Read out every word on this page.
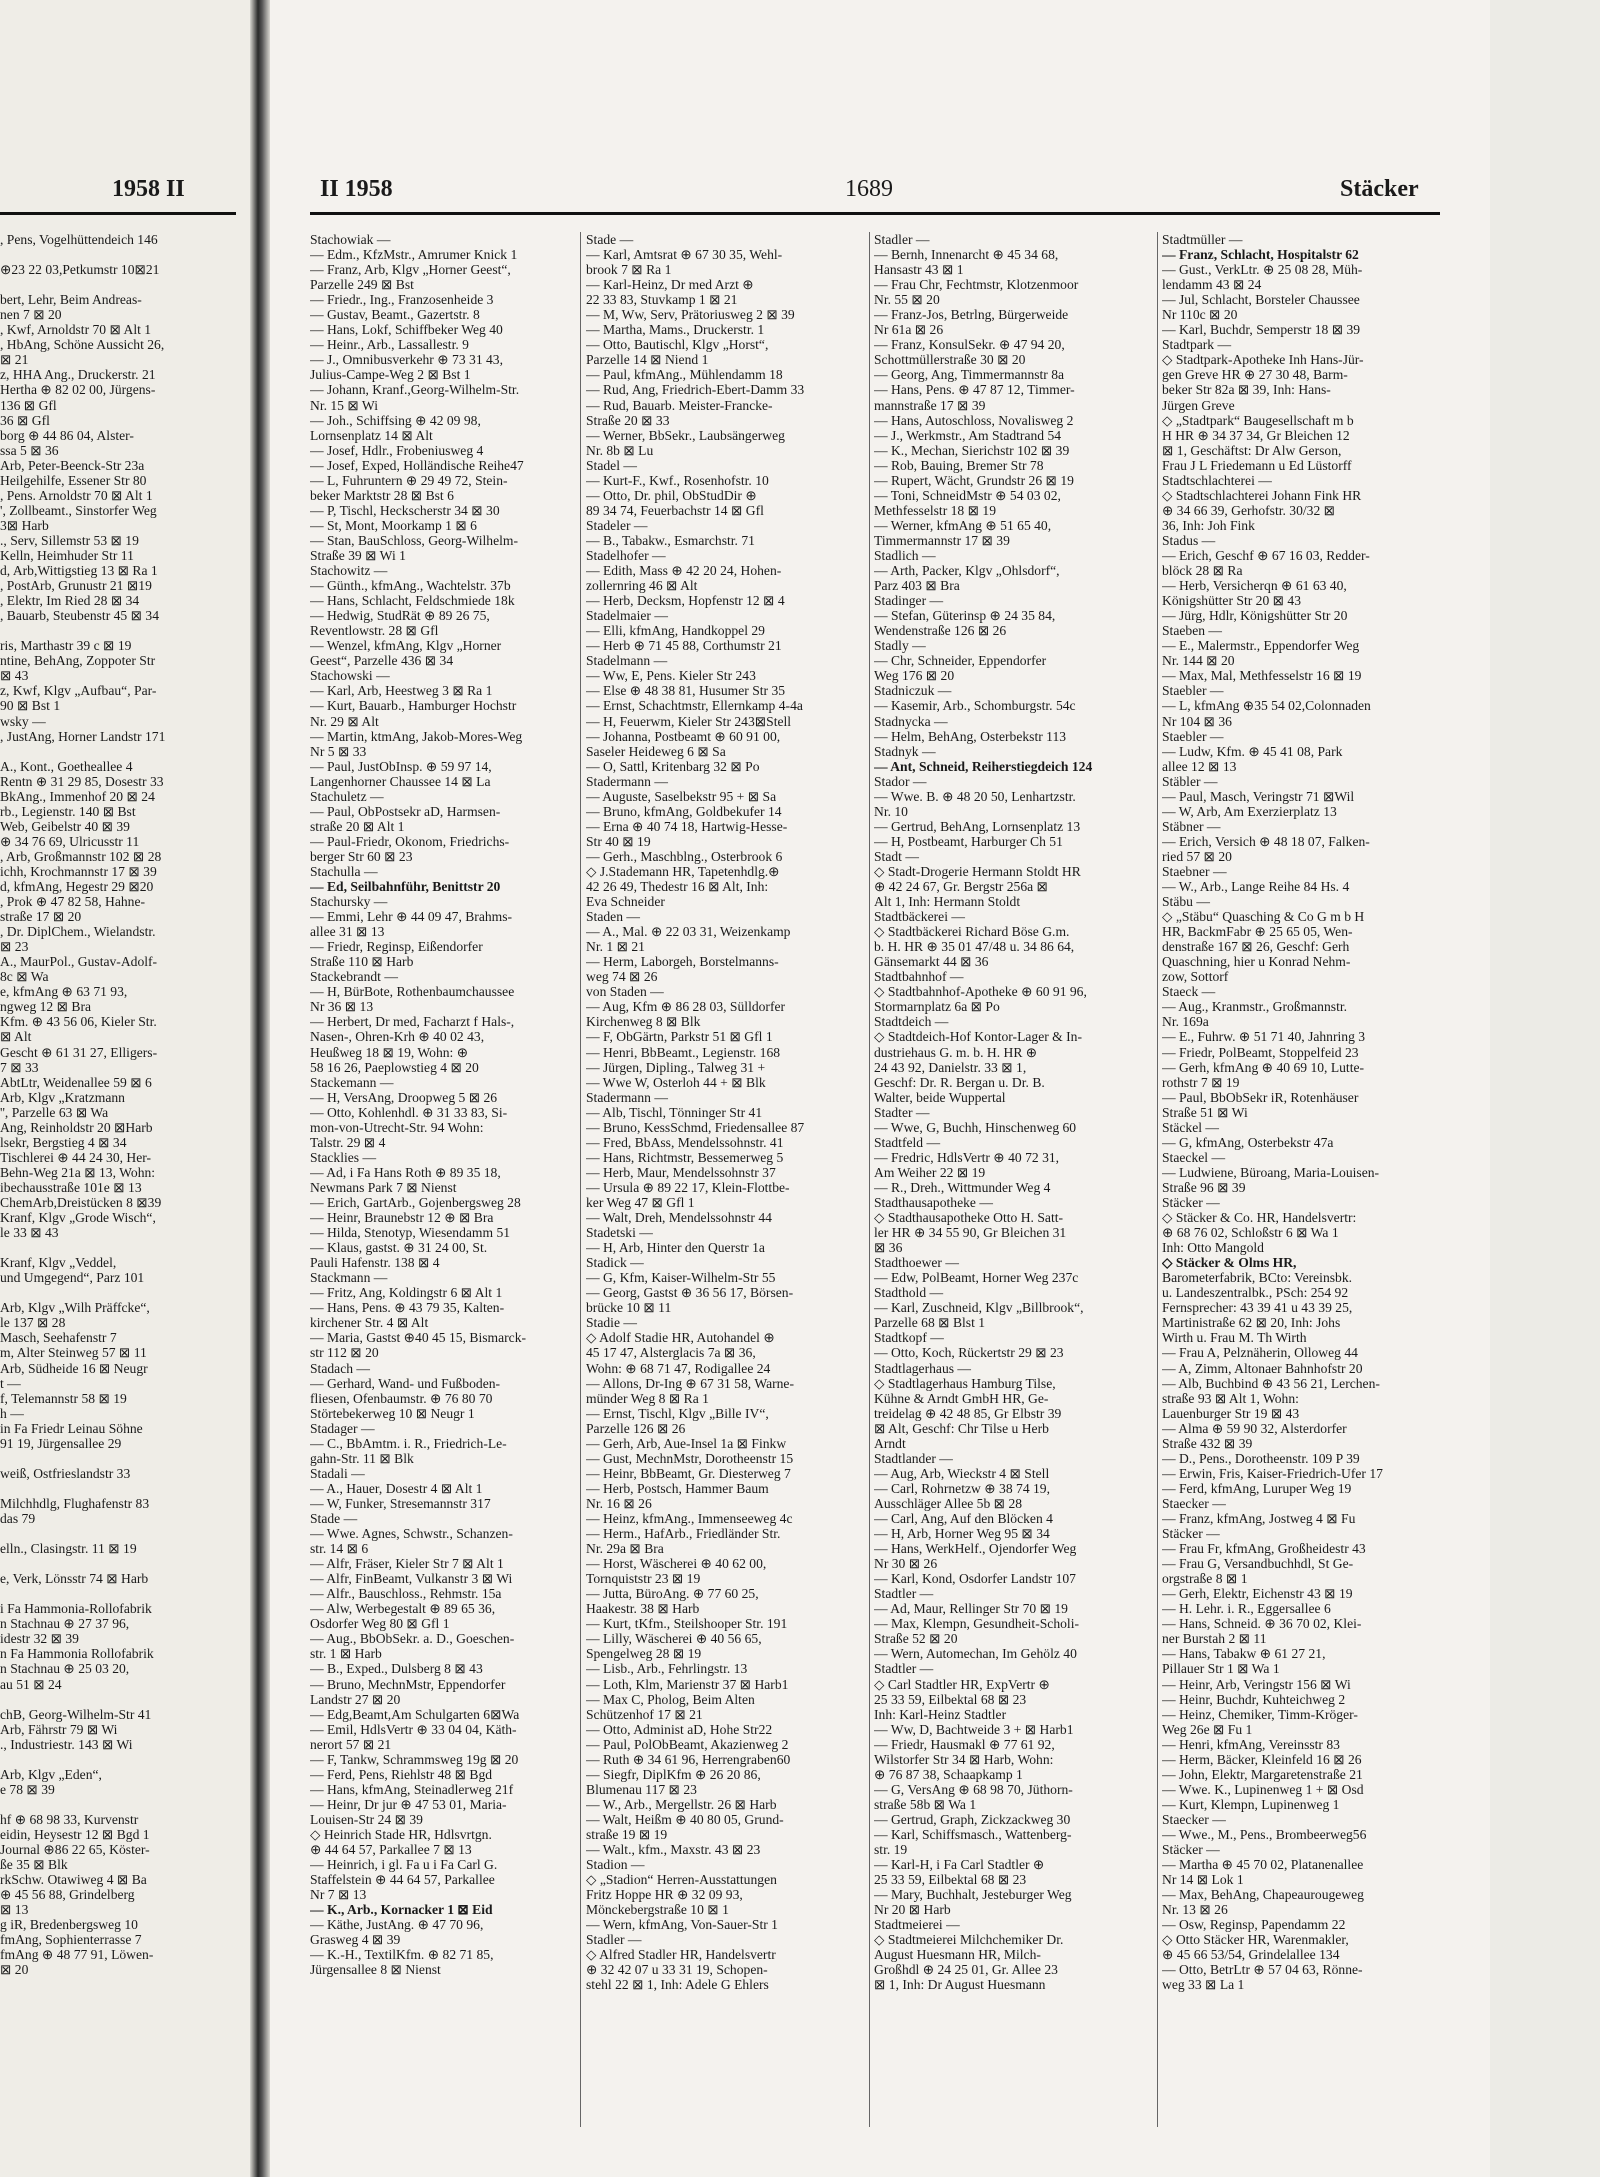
1958 II
, Pens, Vogelhüttendeich 146

⊕23 22 03,Petkumstr 10⊠21

bert, Lehr, Beim Andreas-
nen 7 ⊠ 20
, Kwf, Arnoldstr 70 ⊠ Alt 1
, HbAng, Schöne Aussicht 26,
⊠ 21
z, HHA Ang., Druckerstr. 21
Hertha ⊕ 82 02 00, Jürgens-
136 ⊠ Gfl
36 ⊠ Gfl
borg ⊕ 44 86 04, Alster-
ssa 5 ⊠ 36
Arb, Peter-Beenck-Str 23a
Heilgehilfe, Essener Str 80
, Pens. Arnoldstr 70 ⊠ Alt 1
', Zollbeamt., Sinstorfer Weg
3⊠ Harb
., Serv, Sillemstr 53 ⊠ 19
Kelln, Heimhuder Str 11
d, Arb,Wittigstieg 13 ⊠ Ra 1
, PostArb, Grunustr 21 ⊠19
, Elektr, Im Ried 28 ⊠ 34
, Bauarb, Steubenstr 45 ⊠ 34

ris, Marthastr 39 c ⊠ 19
ntine, BehAng, Zoppoter Str
⊠ 43
z, Kwf, Klgv „Aufbau“, Par-
90 ⊠ Bst 1
wsky —
, JustAng, Horner Landstr 171

A., Kont., Goetheallee 4
Rentn ⊕ 31 29 85, Dosestr 33
BkAng., Immenhof 20 ⊠ 24
rb., Legienstr. 140 ⊠ Bst
Web, Geibelstr 40 ⊠ 39
⊕ 34 76 69, Ulricusstr 11
, Arb, Großmannstr 102 ⊠ 28
ichh, Krochmannstr 17 ⊠ 39
d, kfmAng, Hegestr 29 ⊠20
, Prok ⊕ 47 82 58, Hahne-
straße 17 ⊠ 20
, Dr. DiplChem., Wielandstr.
⊠ 23
A., MaurPol., Gustav-Adolf-
8c ⊠ Wa
e, kfmAng ⊕ 63 71 93,
ngweg 12 ⊠ Bra
Kfm. ⊕ 43 56 06, Kieler Str.
⊠ Alt
Gescht ⊕ 61 31 27, Elligers-
7 ⊠ 33
AbtLtr, Weidenallee 59 ⊠ 6
Arb, Klgv „Kratzmann
'', Parzelle 63 ⊠ Wa
Ang, Reinholdstr 20 ⊠Harb
lsekr, Bergstieg 4 ⊠ 34
Tischlerei ⊕ 44 24 30, Her-
Behn-Weg 21a ⊠ 13, Wohn:
ibechausstraße 101e ⊠ 13
ChemArb,Dreistücken 8 ⊠39
Kranf, Klgv „Grode Wisch“,
le 33 ⊠ 43

Kranf, Klgv „Veddel,
und Umgegend“, Parz 101

Arb, Klgv „Wilh Präffcke“,
le 137 ⊠ 28
Masch, Seehafenstr 7
m, Alter Steinweg 57 ⊠ 11
Arb, Südheide 16 ⊠ Neugr
t —
f, Telemannstr 58 ⊠ 19
h —
in Fa Friedr Leinau Söhne
91 19, Jürgensallee 29

weiß, Ostfrieslandstr 33

Milchhdlg, Flughafenstr 83
das 79

elln., Clasingstr. 11 ⊠ 19

e, Verk, Lönsstr 74 ⊠ Harb

i Fa Hammonia-Rollofabrik
n Stachnau ⊕ 27 37 96,
idestr 32 ⊠ 39
n Fa Hammonia Rollofabrik
n Stachnau ⊕ 25 03 20,
au 51 ⊠ 24

chB, Georg-Wilhelm-Str 41
Arb, Fährstr 79 ⊠ Wi
., Industriestr. 143 ⊠ Wi

Arb, Klgv „Eden“,
e 78 ⊠ 39

hf ⊕ 68 98 33, Kurvenstr
eidin, Heysestr 12 ⊠ Bgd 1
Journal ⊕86 22 65, Köster-
ße 35 ⊠ Blk
rkSchw. Otawiweg 4 ⊠ Ba
⊕ 45 56 88, Grindelberg
⊠ 13
g iR, Bredenbergsweg 10
fmAng, Sophienterrasse 7
fmAng ⊕ 48 77 91, Löwen-
⊠ 20
II 1958	1689	Stäcker
Stachowiak —
— Edm., KfzMstr., Amrumer Knick 1
— Franz, Arb, Klgv „Horner Geest“,
Parzelle 249 ⊠ Bst
— Friedr., Ing., Franzosenheide 3
— Gustav, Beamt., Gazertstr. 8
— Hans, Lokf, Schiffbeker Weg 40
— Heinr., Arb., Lassallestr. 9
— J., Omnibusverkehr ⊕ 73 31 43,
Julius-Campe-Weg 2 ⊠ Bst 1
— Johann, Kranf.,Georg-Wilhelm-Str.
Nr. 15 ⊠ Wi
— Joh., Schiffsing ⊕ 42 09 98,
Lornsenplatz 14 ⊠ Alt
— Josef, Hdlr., Frobeniusweg 4
— Josef, Exped, Holländische Reihe47
— L, Fuhruntern ⊕ 29 49 72, Stein-
beker Marktstr 28 ⊠ Bst 6
— P, Tischl, Heckscherstr 34 ⊠ 30
— St, Mont, Moorkamp 1 ⊠ 6
— Stan, BauSchloss, Georg-Wilhelm-
Straße 39 ⊠ Wi 1
Stachowitz —
— Günth., kfmAng., Wachtelstr. 37b
— Hans, Schlacht, Feldschmiede 18k
— Hedwig, StudRät ⊕ 89 26 75,
Reventlowstr. 28 ⊠ Gfl
— Wenzel, kfmAng, Klgv „Horner
Geest“, Parzelle 436 ⊠ 34
Stachowski —
— Karl, Arb, Heestweg 3 ⊠ Ra 1
— Kurt, Bauarb., Hamburger Hochstr
Nr. 29 ⊠ Alt
— Martin, ktmAng, Jakob-Mores-Weg
Nr 5 ⊠ 33
— Paul, JustObInsp. ⊕ 59 97 14,
Langenhorner Chaussee 14 ⊠ La
Stachuletz —
— Paul, ObPostsekr aD, Harmsen-
straße 20 ⊠ Alt 1
— Paul-Friedr, Okonom, Friedrichs-
berger Str 60 ⊠ 23
Stachulla —
— Ed, Seilbahnführ, Benittstr 20
Stachursky —
— Emmi, Lehr ⊕ 44 09 47, Brahms-
allee 31 ⊠ 13
— Friedr, Reginsp, Eißendorfer
Straße 110 ⊠ Harb
Stackebrandt —
— H, BürBote, Rothenbaumchaussee
Nr 36 ⊠ 13
— Herbert, Dr med, Facharzt f Hals-,
Nasen-, Ohren-Krh ⊕ 40 02 43,
Heußweg 18 ⊠ 19, Wohn: ⊕
58 16 26, Paeplowstieg 4 ⊠ 20
Stackemann —
— H, VersAng, Droopweg 5 ⊠ 26
— Otto, Kohlenhdl. ⊕ 31 33 83, Si-
mon-von-Utrecht-Str. 94 Wohn:
Talstr. 29 ⊠ 4
Stacklies —
— Ad, i Fa Hans Roth ⊕ 89 35 18,
Newmans Park 7 ⊠ Nienst
— Erich, GartArb., Gojenbergsweg 28
— Heinr, Braunebstr 12 ⊕ ⊠ Bra
— Hilda, Stenotyp, Wiesendamm 51
— Klaus, gastst. ⊕ 31 24 00, St.
Pauli Hafenstr. 138 ⊠ 4
Stackmann —
— Fritz, Ang, Koldingstr 6 ⊠ Alt 1
— Hans, Pens. ⊕ 43 79 35, Kalten-
kirchener Str. 4 ⊠ Alt
— Maria, Gastst ⊕40 45 15, Bismarck-
str 112 ⊠ 20
Stadach —
— Gerhard, Wand- und Fußboden-
fliesen, Ofenbaumstr. ⊕ 76 80 70
Störtebekerweg 10 ⊠ Neugr 1
Stadager —
— C., BbAmtm. i. R., Friedrich-Le-
gahn-Str. 11 ⊠ Blk
Stadali —
— A., Hauer, Dosestr 4 ⊠ Alt 1
— W, Funker, Stresemannstr 317
Stade —
— Wwe. Agnes, Schwstr., Schanzen-
str. 14 ⊠ 6
— Alfr, Fräser, Kieler Str 7 ⊠ Alt 1
— Alfr, FinBeamt, Vulkanstr 3 ⊠ Wi
— Alfr., Bauschloss., Rehmstr. 15a
— Alw, Werbegestalt ⊕ 89 65 36,
Osdorfer Weg 80 ⊠ Gfl 1
— Aug., BbObSekr. a. D., Goeschen-
str. 1 ⊠ Harb
— B., Exped., Dulsberg 8 ⊠ 43
— Bruno, MechnMstr, Eppendorfer
Landstr 27 ⊠ 20
— Edg,Beamt,Am Schulgarten 6⊠Wa
— Emil, HdlsVertr ⊕ 33 04 04, Käth-
nerort 57 ⊠ 21
— F, Tankw, Schrammsweg 19g ⊠ 20
— Ferd, Pens, Riehlstr 48 ⊠ Bgd
— Hans, kfmAng, Steinadlerweg 21f
— Heinr, Dr jur ⊕ 47 53 01, Maria-
Louisen-Str 24 ⊠ 39
◇ Heinrich Stade HR, Hdlsvrtgn.
⊕ 44 64 57, Parkallee 7 ⊠ 13
— Heinrich, i gl. Fa u i Fa Carl G.
Staffelstein ⊕ 44 64 57, Parkallee
Nr 7 ⊠ 13
— K., Arb., Kornacker 1 ⊠ Eid
— Käthe, JustAng. ⊕ 47 70 96,
Grasweg 4 ⊠ 39
— K.-H., TextilKfm. ⊕ 82 71 85,
Jürgensallee 8 ⊠ Nienst
Stade —
— Karl, Amtsrat ⊕ 67 30 35, Wehl-
brook 7 ⊠ Ra 1
— Karl-Heinz, Dr med Arzt ⊕
22 33 83, Stuvkamp 1 ⊠ 21
— M, Ww, Serv, Prätoriusweg 2 ⊠ 39
— Martha, Mams., Druckerstr. 1
— Otto, Bautischl, Klgv „Horst“,
Parzelle 14 ⊠ Niend 1
— Paul, kfmAng., Mühlendamm 18
— Rud, Ang, Friedrich-Ebert-Damm 33
— Rud, Bauarb. Meister-Francke-
Straße 20 ⊠ 33
— Werner, BbSekr., Laubsängerweg
Nr. 8b ⊠ Lu
Stadel —
— Kurt-F., Kwf., Rosenhofstr. 10
— Otto, Dr. phil, ObStudDir ⊕
89 34 74, Feuerbachstr 14 ⊠ Gfl
Stadeler —
— B., Tabakw., Esmarchstr. 71
Stadelhofer —
— Edith, Mass ⊕ 42 20 24, Hohen-
zollernring 46 ⊠ Alt
— Herb, Decksm, Hopfenstr 12 ⊠ 4
Stadelmaier —
— Elli, kfmAng, Handkoppel 29
— Herb ⊕ 71 45 88, Corthumstr 21
Stadelmann —
— Ww, E, Pens. Kieler Str 243
— Else ⊕ 48 38 81, Husumer Str 35
— Ernst, Schachtmstr, Ellernkamp 4-4a
— H, Feuerwm, Kieler Str 243⊠Stell
— Johanna, Postbeamt ⊕ 60 91 00,
Saseler Heideweg 6 ⊠ Sa
— O, Sattl, Kritenbarg 32 ⊠ Po
Stadermann —
— Auguste, Saselbekstr 95 + ⊠ Sa
— Bruno, kfmAng, Goldbekufer 14
— Erna ⊕ 40 74 18, Hartwig-Hesse-
Str 40 ⊠ 19
— Gerh., Maschblng., Osterbrook 6
◇ J.Stademann HR, Tapetenhdlg.⊕
42 26 49, Thedestr 16 ⊠ Alt, Inh:
Eva Schneider
Staden —
— A., Mal. ⊕ 22 03 31, Weizenkamp
Nr. 1 ⊠ 21
— Herm, Laborgeh, Borstelmanns-
weg 74 ⊠ 26
von Staden —
— Aug, Kfm ⊕ 86 28 03, Sülldorfer
Kirchenweg 8 ⊠ Blk
— F, ObGärtn, Parkstr 51 ⊠ Gfl 1
— Henri, BbBeamt., Legienstr. 168
— Jürgen, Dipling., Talweg 31 +
— Wwe W, Osterloh 44 + ⊠ Blk
Stadermann —
— Alb, Tischl, Tönninger Str 41
— Bruno, KessSchmd, Friedensallee 87
— Fred, BbAss, Mendelssohnstr. 41
— Hans, Richtmstr, Bessemerweg 5
— Herb, Maur, Mendelssohnstr 37
— Ursula ⊕ 89 22 17, Klein-Flottbe-
ker Weg 47 ⊠ Gfl 1
— Walt, Dreh, Mendelssohnstr 44
Stadetski —
— H, Arb, Hinter den Querstr 1a
Stadick —
— G, Kfm, Kaiser-Wilhelm-Str 55
— Georg, Gastst ⊕ 36 56 17, Börsen-
brücke 10 ⊠ 11
Stadie —
◇ Adolf Stadie HR, Autohandel ⊕
45 17 47, Alsterglacis 7a ⊠ 36,
Wohn: ⊕ 68 71 47, Rodigallee 24
— Allons, Dr-Ing ⊕ 67 31 58, Warne-
münder Weg 8 ⊠ Ra 1
— Ernst, Tischl, Klgv „Bille IV“,
Parzelle 126 ⊠ 26
— Gerh, Arb, Aue-Insel 1a ⊠ Finkw
— Gust, MechnMstr, Dorotheenstr 15
— Heinr, BbBeamt, Gr. Diesterweg 7
— Herb, Postsch, Hammer Baum
Nr. 16 ⊠ 26
— Heinz, kfmAng., Immenseeweg 4c
— Herm., HafArb., Friedländer Str.
Nr. 29a ⊠ Bra
— Horst, Wäscherei ⊕ 40 62 00,
Tornquiststr 23 ⊠ 19
— Jutta, BüroAng. ⊕ 77 60 25,
Haakestr. 38 ⊠ Harb
— Kurt, tKfm., Steilshooper Str. 191
— Lilly, Wäscherei ⊕ 40 56 65,
Spengelweg 28 ⊠ 19
— Lisb., Arb., Fehrlingstr. 13
— Loth, Klm, Marienstr 37 ⊠ Harb1
— Max C, Pholog, Beim Alten
Schützenhof 17 ⊠ 21
— Otto, Administ aD, Hohe Str22
— Paul, PolObBeamt, Akazienweg 2
— Ruth ⊕ 34 61 96, Herrengraben60
— Siegfr, DiplKfm ⊕ 26 20 86,
Blumenau 117 ⊠ 23
— W., Arb., Mergellstr. 26 ⊠ Harb
— Walt, Heißm ⊕ 40 80 05, Grund-
straße 19 ⊠ 19
— Walt., kfm., Maxstr. 43 ⊠ 23
Stadion —
◇ „Stadion“ Herren-Ausstattungen
Fritz Hoppe HR ⊕ 32 09 93,
Mönckebergstraße 10 ⊠ 1
— Wern, kfmAng, Von-Sauer-Str 1
Stadler —
◇ Alfred Stadler HR, Handelsvertr
⊕ 32 42 07 u 33 31 19, Schopen-
stehl 22 ⊠ 1, Inh: Adele G Ehlers
Stadler —
— Bernh, Innenarcht ⊕ 45 34 68,
Hansastr 43 ⊠ 1
— Frau Chr, Fechtmstr, Klotzenmoor
Nr. 55 ⊠ 20
— Franz-Jos, Betrlng, Bürgerweide
Nr 61a ⊠ 26
— Franz, KonsulSekr. ⊕ 47 94 20,
Schottmüllerstraße 30 ⊠ 20
— Georg, Ang, Timmermannstr 8a
— Hans, Pens. ⊕ 47 87 12, Timmer-
mannstraße 17 ⊠ 39
— Hans, Autoschloss, Novalisweg 2
— J., Werkmstr., Am Stadtrand 54
— K., Mechan, Sierichstr 102 ⊠ 39
— Rob, Bauing, Bremer Str 78
— Rupert, Wächt, Grundstr 26 ⊠ 19
— Toni, SchneidMstr ⊕ 54 03 02,
Methfesselstr 18 ⊠ 19
— Werner, kfmAng ⊕ 51 65 40,
Timmermannstr 17 ⊠ 39
Stadlich —
— Arth, Packer, Klgv „Ohlsdorf“,
Parz 403 ⊠ Bra
Stadinger —
— Stefan, Güterinsp ⊕ 24 35 84,
Wendenstraße 126 ⊠ 26
Stadly —
— Chr, Schneider, Eppendorfer
Weg 176 ⊠ 20
Stadniczuk —
— Kasemir, Arb., Schomburgstr. 54c
Stadnycka —
— Helm, BehAng, Osterbekstr 113
Stadnyk —
— Ant, Schneid, Reiherstiegdeich 124
Stador —
— Wwe. B. ⊕ 48 20 50, Lenhartzstr.
Nr. 10
— Gertrud, BehAng, Lornsenplatz 13
— H, Postbeamt, Harburger Ch 51
Stadt —
◇ Stadt-Drogerie Hermann Stoldt HR
⊕ 42 24 67, Gr. Bergstr 256a ⊠
Alt 1, Inh: Hermann Stoldt
Stadtbäckerei —
◇ Stadtbäckerei Richard Böse G.m.
b. H. HR ⊕ 35 01 47/48 u. 34 86 64,
Gänsemarkt 44 ⊠ 36
Stadtbahnhof —
◇ Stadtbahnhof-Apotheke ⊕ 60 91 96,
Stormarnplatz 6a ⊠ Po
Stadtdeich —
◇ Stadtdeich-Hof Kontor-Lager & In-
dustriehaus G. m. b. H. HR ⊕
24 43 92, Danielstr. 33 ⊠ 1,
Geschf: Dr. R. Bergan u. Dr. B.
Walter, beide Wuppertal
Stadter —
— Wwe, G, Buchh, Hinschenweg 60
Stadtfeld —
— Fredric, HdlsVertr ⊕ 40 72 31,
Am Weiher 22 ⊠ 19
— R., Dreh., Wittmunder Weg 4
Stadthausapotheke —
◇ Stadthausapotheke Otto H. Satt-
ler HR ⊕ 34 55 90, Gr Bleichen 31
⊠ 36
Stadthoewer —
— Edw, PolBeamt, Horner Weg 237c
Stadthold —
— Karl, Zuschneid, Klgv „Billbrook“,
Parzelle 68 ⊠ Blst 1
Stadtkopf —
— Otto, Koch, Rückertstr 29 ⊠ 23
Stadtlagerhaus —
◇ Stadtlagerhaus Hamburg Tilse,
Kühne & Arndt GmbH HR, Ge-
treidelag ⊕ 42 48 85, Gr Elbstr 39
⊠ Alt, Geschf: Chr Tilse u Herb
Arndt
Stadtlander —
— Aug, Arb, Wieckstr 4 ⊠ Stell
— Carl, Rohrnetzw ⊕ 38 74 19,
Ausschläger Allee 5b ⊠ 28
— Carl, Ang, Auf den Blöcken 4
— H, Arb, Horner Weg 95 ⊠ 34
— Hans, WerkHelf., Ojendorfer Weg
Nr 30 ⊠ 26
— Karl, Kond, Osdorfer Landstr 107
Stadtler —
— Ad, Maur, Rellinger Str 70 ⊠ 19
— Max, Klempn, Gesundheit-Scholi-
Straße 52 ⊠ 20
— Wern, Automechan, Im Gehölz 40
Stadtler —
◇ Carl Stadtler HR, ExpVertr ⊕
25 33 59, Eilbektal 68 ⊠ 23
Inh: Karl-Heinz Stadtler
— Ww, D, Bachtweide 3 + ⊠ Harb1
— Friedr, Hausmakl ⊕ 77 61 92,
Wilstorfer Str 34 ⊠ Harb, Wohn:
⊕ 76 87 38, Schaapkamp 1
— G, VersAng ⊕ 68 98 70, Jüthorn-
straße 58b ⊠ Wa 1
— Gertrud, Graph, Zickzackweg 30
— Karl, Schiffsmasch., Wattenberg-
str. 19
— Karl-H, i Fa Carl Stadtler ⊕
25 33 59, Eilbektal 68 ⊠ 23
— Mary, Buchhalt, Jesteburger Weg
Nr 20 ⊠ Harb
Stadtmeierei —
◇ Stadtmeierei Milchchemiker Dr.
August Huesmann HR, Milch-
Großhdl ⊕ 24 25 01, Gr. Allee 23
⊠ 1, Inh: Dr August Huesmann
Stadtmüller —
— Franz, Schlacht, Hospitalstr 62
— Gust., VerkLtr. ⊕ 25 08 28, Müh-
lendamm 43 ⊠ 24
— Jul, Schlacht, Borsteler Chaussee
Nr 110c ⊠ 20
— Karl, Buchdr, Semperstr 18 ⊠ 39
Stadtpark —
◇ Stadtpark-Apotheke Inh Hans-Jür-
gen Greve HR ⊕ 27 30 48, Barm-
beker Str 82a ⊠ 39, Inh: Hans-
Jürgen Greve
◇ „Stadtpark“ Baugesellschaft m b
H HR ⊕ 34 37 34, Gr Bleichen 12
⊠ 1, Geschäftst: Dr Alw Gerson,
Frau J L Friedemann u Ed Lüstorff
Stadtschlachterei —
◇ Stadtschlachterei Johann Fink HR
⊕ 34 66 39, Gerhofstr. 30/32 ⊠
36, Inh: Joh Fink
Stadus —
— Erich, Geschf ⊕ 67 16 03, Redder-
blöck 28 ⊠ Ra
— Herb, Versicherqn ⊕ 61 63 40,
Königshütter Str 20 ⊠ 43
— Jürg, Hdlr, Königshütter Str 20
Staeben —
— E., Malermstr., Eppendorfer Weg
Nr. 144 ⊠ 20
— Max, Mal, Methfesselstr 16 ⊠ 19
Staebler —
— L, kfmAng ⊕35 54 02,Colonnaden
Nr 104 ⊠ 36
Staebler —
— Ludw, Kfm. ⊕ 45 41 08, Park
allee 12 ⊠ 13
Stäbler —
— Paul, Masch, Veringstr 71 ⊠Wil
— W, Arb, Am Exerzierplatz 13
Stäbner —
— Erich, Versich ⊕ 48 18 07, Falken-
ried 57 ⊠ 20
Staebner —
— W., Arb., Lange Reihe 84 Hs. 4
Stäbu —
◇ „Stäbu“ Quasching & Co G m b H
HR, BackmFabr ⊕ 25 65 05, Wen-
denstraße 167 ⊠ 26, Geschf: Gerh
Quaschning, hier u Konrad Nehm-
zow, Sottorf
Staeck —
— Aug., Kranmstr., Großmannstr.
Nr. 169a
— E., Fuhrw. ⊕ 51 71 40, Jahnring 3
— Friedr, PolBeamt, Stoppelfeid 23
— Gerh, kfmAng ⊕ 40 69 10, Lutte-
rothstr 7 ⊠ 19
— Paul, BbObSekr iR, Rotenhäuser
Straße 51 ⊠ Wi
Stäckel —
— G, kfmAng, Osterbekstr 47a
Staeckel —
— Ludwiene, Büroang, Maria-Louisen-
Straße 96 ⊠ 39
Stäcker —
◇ Stäcker & Co. HR, Handelsvertr:
⊕ 68 76 02, Schloßstr 6 ⊠ Wa 1
Inh: Otto Mangold
◇ Stäcker & Olms HR,
Barometerfabrik, BCto: Vereinsbk.
u. Landeszentralbk., PSch: 254 92
Fernsprecher: 43 39 41 u 43 39 25,
Martinistraße 62 ⊠ 20, Inh: Johs
Wirth u. Frau M. Th Wirth
— Frau A, Pelznäherin, Olloweg 44
— A, Zimm, Altonaer Bahnhofstr 20
— Alb, Buchbind ⊕ 43 56 21, Lerchen-
straße 93 ⊠ Alt 1, Wohn:
Lauenburger Str 19 ⊠ 43
— Alma ⊕ 59 90 32, Alsterdorfer
Straße 432 ⊠ 39
— D., Pens., Dorotheenstr. 109 P 39
— Erwin, Fris, Kaiser-Friedrich-Ufer 17
— Ferd, kfmAng, Luruper Weg 19
Staecker —
— Franz, kfmAng, Jostweg 4 ⊠ Fu
Stäcker —
— Frau Fr, kfmAng, Großheidestr 43
— Frau G, Versandbuchhdl, St Ge-
orgstraße 8 ⊠ 1
— Gerh, Elektr, Eichenstr 43 ⊠ 19
— H. Lehr. i. R., Eggersallee 6
— Hans, Schneid. ⊕ 36 70 02, Klei-
ner Burstah 2 ⊠ 11
— Hans, Tabakw ⊕ 61 27 21,
Pillauer Str 1 ⊠ Wa 1
— Heinr, Arb, Veringstr 156 ⊠ Wi
— Heinr, Buchdr, Kuhteichweg 2
— Heinz, Chemiker, Timm-Kröger-
Weg 26e ⊠ Fu 1
— Henri, kfmAng, Vereinsstr 83
— Herm, Bäcker, Kleinfeld 16 ⊠ 26
— John, Elektr, Margaretenstraße 21
— Wwe. K., Lupinenweg 1 + ⊠ Osd
— Kurt, Klempn, Lupinenweg 1
Staecker —
— Wwe., M., Pens., Brombeerweg56
Stäcker —
— Martha ⊕ 45 70 02, Platanenallee
Nr 14 ⊠ Lok 1
— Max, BehAng, Chapeaurougeweg
Nr. 13 ⊠ 26
— Osw, Reginsp, Papendamm 22
◇ Otto Stäcker HR, Warenmakler,
⊕ 45 66 53/54, Grindelallee 134
— Otto, BetrLtr ⊕ 57 04 63, Rönne-
weg 33 ⊠ La 1
